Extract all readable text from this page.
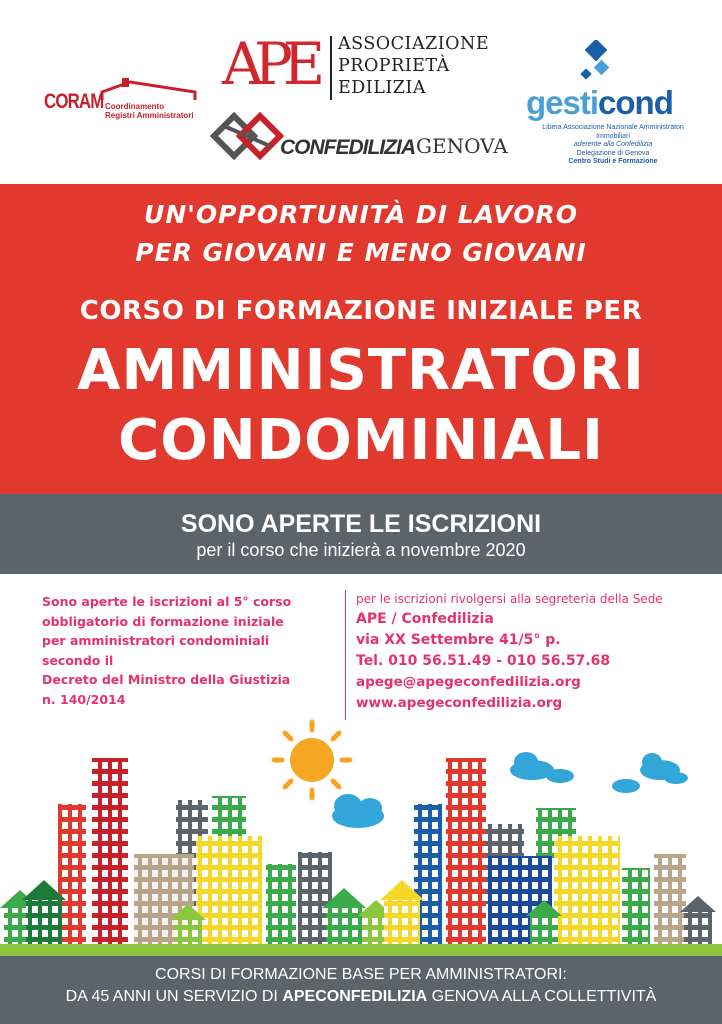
CORAM Coordinamento
Registri Amministratori
APE ASSOCIAZIONE
PROPRIETÀ
EDILIZIA
CONFEDILIZIA GENOVA
gesticond
Libera Associazione Nazionale Amministratori Immobiliari
aderente alla Confedilizia
Delegazione di Genova
Centro Studi e Formazione
UN'OPPORTUNITÀ DI LAVORO
PER GIOVANI E MENO GIOVANI
CORSO DI FORMAZIONE INIZIALE PER
AMMINISTRATORI
CONDOMINIALI
SONO APERTE LE ISCRIZIONI
per il corso che inizierà a novembre 2020
Sono aperte le iscrizioni al 5° corso
obbligatorio di formazione iniziale
per amministratori condominiali
secondo il
Decreto del Ministro della Giustizia
n. 140/2014
per le iscrizioni rivolgersi alla segreteria della Sede
APE / Confedilizia
via XX Settembre 41/5° p.
Tel. 010 56.51.49 - 010 56.57.68
apege@apegeconfedilizia.org
www.apegeconfedilizia.org
CORSI DI FORMAZIONE BASE PER AMMINISTRATORI:
DA 45 ANNI UN SERVIZIO DI APECONFEDILIZIA GENOVA ALLA COLLETTIVITÀ
